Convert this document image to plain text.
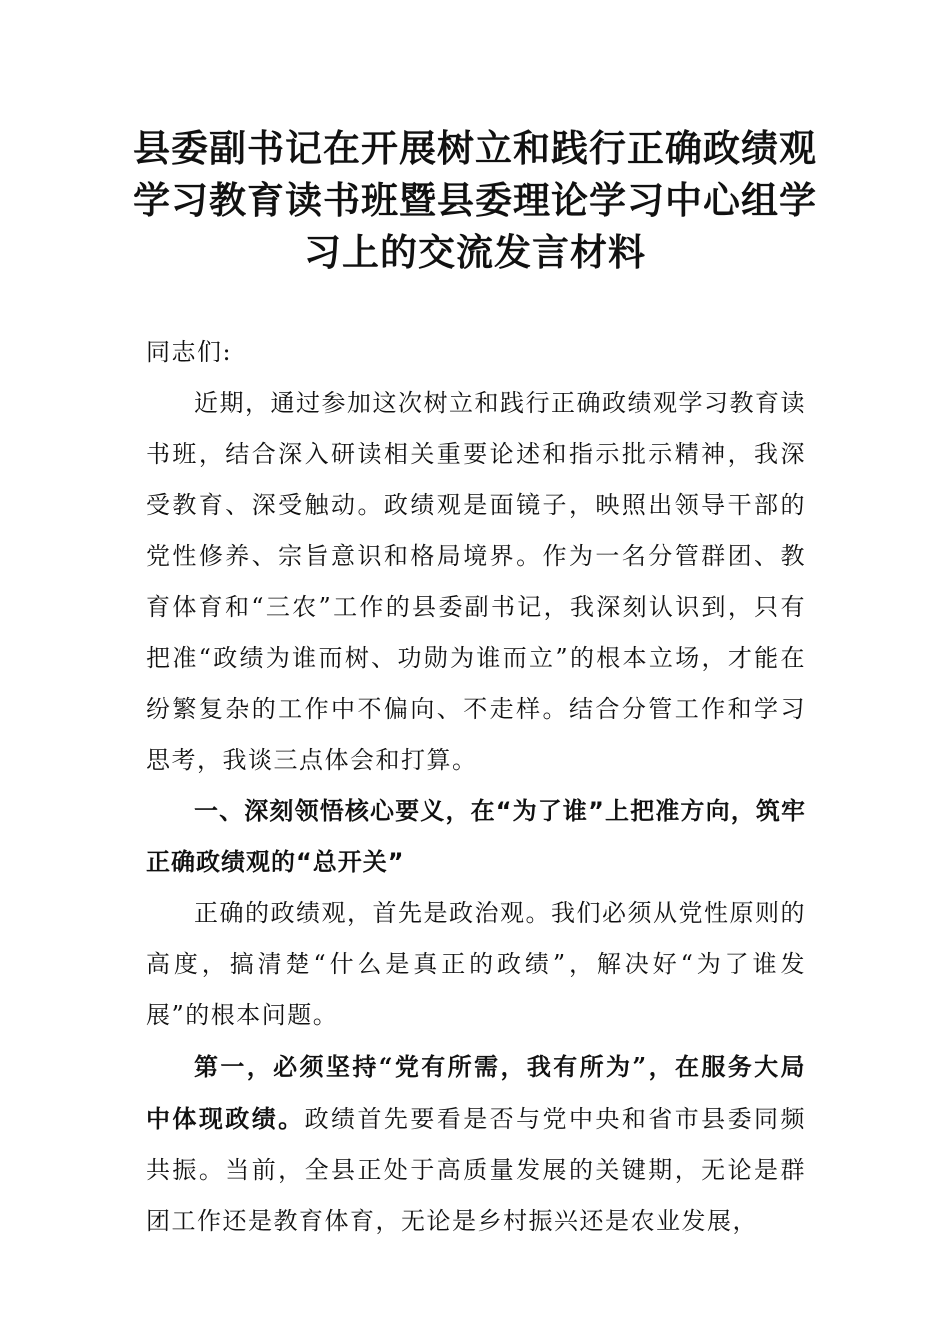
县委副书记在开展树立和践行正确政绩观
学习教育读书班暨县委理论学习中心组学
习上的交流发言材料

同志们:

近期，通过参加这次树立和践行正确政绩观学习教育读书班，结合深入研读相关重要论述和指示批示精神，我深受教育、深受触动。政绩观是面镜子，映照出领导干部的党性修养、宗旨意识和格局境界。作为一名分管群团、教育体育和“三农”工作的县委副书记，我深刻认识到，只有把准“政绩为谁而树、功勋为谁而立”的根本立场，才能在纷繁复杂的工作中不偏向、不走样。结合分管工作和学习思考，我谈三点体会和打算。

一、深刻领悟核心要义，在“为了谁”上把准方向，筑牢正确政绩观的“总开关”

正确的政绩观，首先是政治观。我们必须从党性原则的高度，搞清楚“什么是真正的政绩”，解决好“为了谁发展”的根本问题。

第一，必须坚持“党有所需，我有所为”，在服务大局中体现政绩。政绩首先要看是否与党中央和省市县委同频共振。当前，全县正处于高质量发展的关键期，无论是群团工作还是教育体育，无论是乡村振兴还是农业发展，
